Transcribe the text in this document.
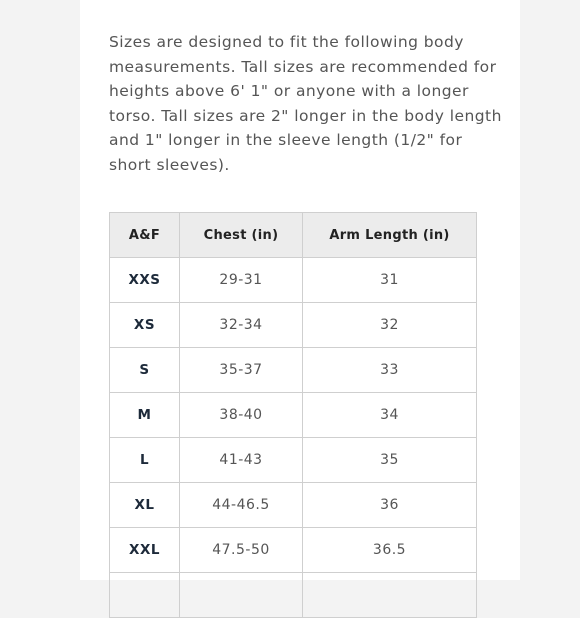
Sizes are designed to fit the following body measurements. Tall sizes are recommended for heights above 6' 1" or anyone with a longer torso. Tall sizes are 2" longer in the body length and 1" longer in the sleeve length (1/2" for short sleeves).

A&F	Chest (in)	Arm Length (in)
XXS	29-31	31
XS	32-34	32
S	35-37	33
M	38-40	34
L	41-43	35
XL	44-46.5	36
XXL	47.5-50	36.5
